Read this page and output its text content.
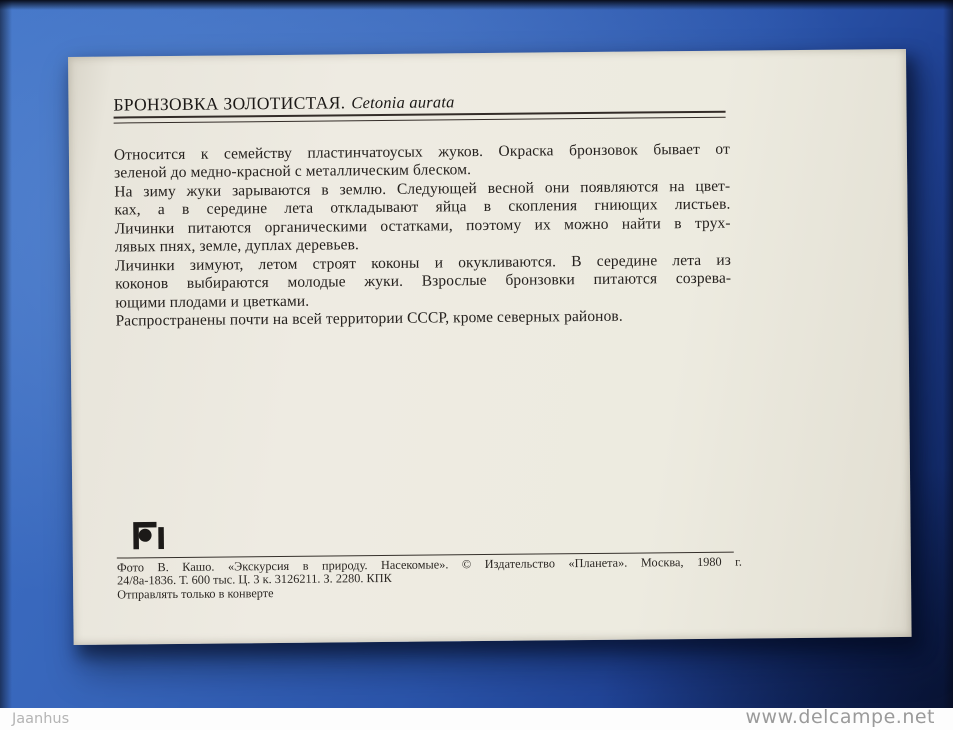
БРОНЗОВКА ЗОЛОТИСТАЯ. Cetonia aurata
Относится к семейству пластинчатоусых жуков. Окраска бронзовок бывает от
зеленой до медно-красной с металлическим блеском.
На зиму жуки зарываются в землю. Следующей весной они появляются на цвет-
ках, а в середине лета откладывают яйца в скопления гниющих листьев.
Личинки питаются органическими остатками, поэтому их можно найти в трух-
лявых пнях, земле, дуплах деревьев.
Личинки зимуют, летом строят коконы и окукливаются. В середине лета из
коконов выбираются молодые жуки. Взрослые бронзовки питаются созрева-
ющими плодами и цветками.
Распространены почти на всей территории СССР, кроме северных районов.
Фото В. Кашо. «Экскурсия в природу. Насекомые». © Издательство «Планета». Москва, 1980 г.
24/8а-1836. Т. 600 тыс. Ц. 3 к. 3126211. З. 2280. КПК
Отправлять только в конверте
Jaanhus	www.delcampe.net
